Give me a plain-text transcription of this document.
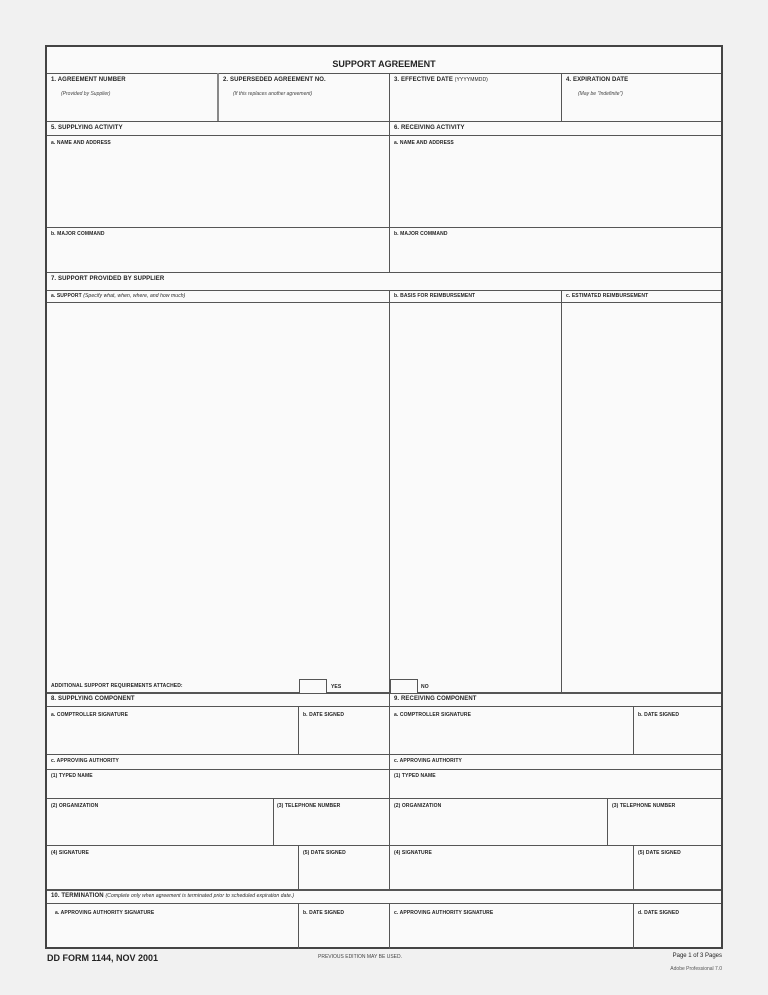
SUPPORT AGREEMENT
1. AGREEMENT NUMBER
(Provided by Supplier)
2. SUPERSEDED AGREEMENT NO.
(If this replaces another agreement)
3. EFFECTIVE DATE (YYYYMMDD)	4. EXPIRATION DATE
(May be "Indefinite")
5. SUPPLYING ACTIVITY	6. RECEIVING ACTIVITY
a. NAME AND ADDRESS	a. NAME AND ADDRESS
b. MAJOR COMMAND	b. MAJOR COMMAND
7. SUPPORT PROVIDED BY SUPPLIER
a. SUPPORT (Specify what, when, where, and how much)	b. BASIS FOR REIMBURSEMENT	c. ESTIMATED REIMBURSEMENT
ADDITIONAL SUPPORT REQUIREMENTS ATTACHED:	YES	NO
8. SUPPLYING COMPONENT
a. COMPTROLLER SIGNATURE	b. DATE SIGNED
c. APPROVING AUTHORITY
(1) TYPED NAME
(2) ORGANIZATION	(3) TELEPHONE NUMBER
(4) SIGNATURE	(5) DATE SIGNED
9. RECEIVING COMPONENT
a. COMPTROLLER SIGNATURE	b. DATE SIGNED
c. APPROVING AUTHORITY
(1) TYPED NAME
(2) ORGANIZATION	(3) TELEPHONE NUMBER
(4) SIGNATURE	(5) DATE SIGNED
10. TERMINATION (Complete only when agreement is terminated prior to scheduled expiration date.)
a. APPROVING AUTHORITY SIGNATURE	b. DATE SIGNED	c. APPROVING AUTHORITY SIGNATURE	d. DATE SIGNED
DD FORM 1144, NOV 2001	PREVIOUS EDITION MAY BE USED.	Page 1 of 3 Pages
Adobe Professional 7.0
